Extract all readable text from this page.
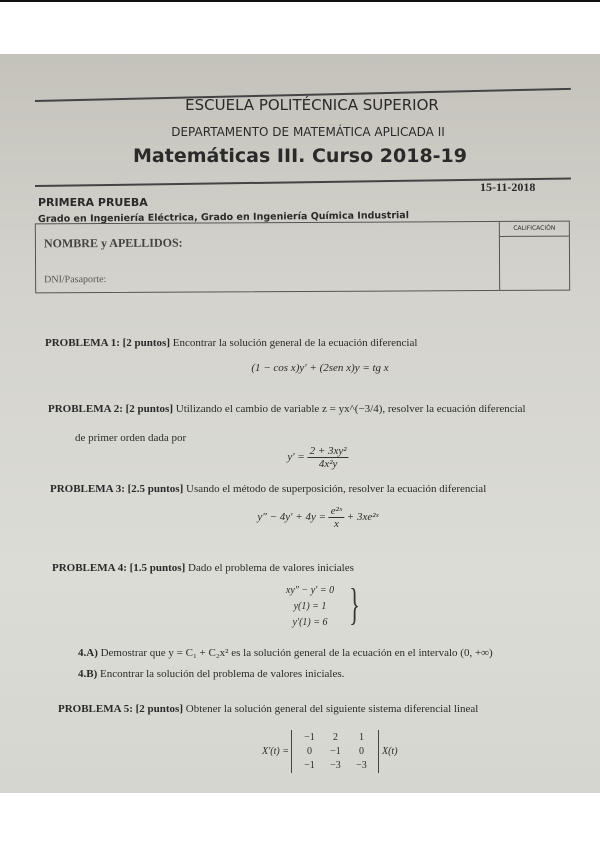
ESCUELA POLITÉCNICA SUPERIOR
DEPARTAMENTO DE MATEMÁTICA APLICADA II
Matemáticas III. Curso 2018-19
15-11-2018
PRIMERA PRUEBA
Grado en Ingeniería Eléctrica, Grado en Ingeniería Química Industrial
NOMBRE y APELLIDOS:
DNI/Pasaporte:
CALIFICACIÓN
PROBLEMA 1: [2 puntos] Encontrar la solución general de la ecuación diferencial
(1 − cos x)y′ + (2sen x)y = tg x
PROBLEMA 2: [2 puntos] Utilizando el cambio de variable z = yx^(−3/4), resolver la ecuación diferencial
de primer orden dada por
$y' = \frac{\text{2 + 3xy²}}{\text{4x²y}}$
PROBLEMA 3: [2.5 puntos] Usando el método de superposición, resolver la ecuación diferencial
$y'' - 4y' + 4y = \frac{\text{e²ˣ}}{x}$ + 3xe²ˣ
PROBLEMA 4: [1.5 puntos] Dado el problema de valores iniciales
xy″ − y′ = 0
y(1) = 1
y′(1) = 6 }
4.A) Demostrar que y = C₁ + C₂x² es la solución general de la ecuación en el intervalo (0, +∞)
4.B) Encontrar la solución del problema de valores iniciales.
PROBLEMA 5: [2 puntos] Obtener la solución general del siguiente sistema diferencial lineal
X′(t) =
−1	2	1
0	−1	0
−1	−3	−3
X(t)
